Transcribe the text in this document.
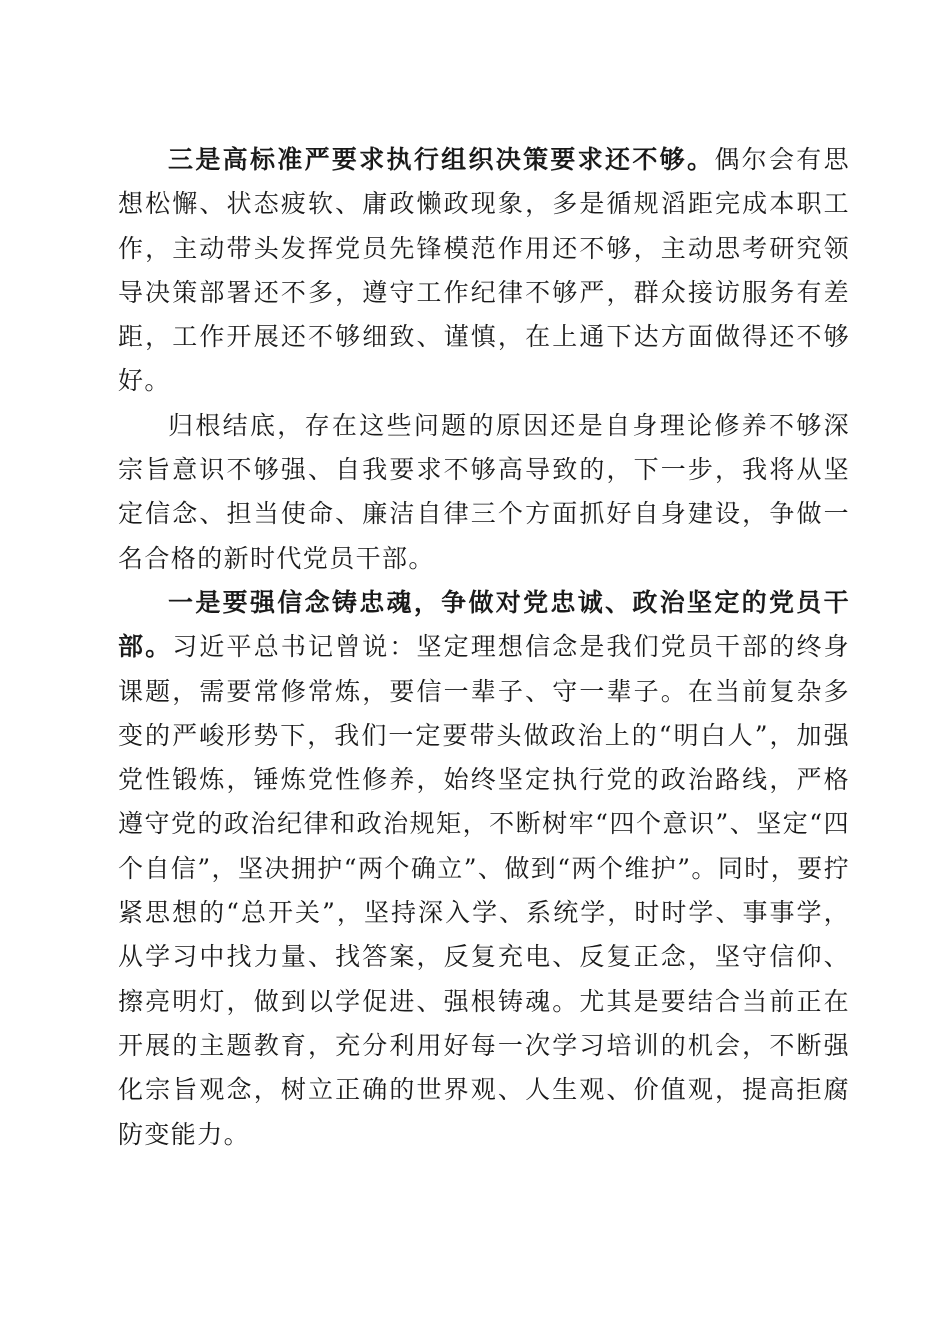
三是高标准严要求执行组织决策要求还不够。偶尔会有思想松懈、状态疲软、庸政懒政现象，多是循规滔距完成本职工作，主动带头发挥党员先锋模范作用还不够，主动思考研究领导决策部署还不多，遵守工作纪律不够严，群众接访服务有差距，工作开展还不够细致、谨慎，在上通下达方面做得还不够好。

归根结底，存在这些问题的原因还是自身理论修养不够深宗旨意识不够强、自我要求不够高导致的，下一步，我将从坚定信念、担当使命、廉洁自律三个方面抓好自身建设，争做一名合格的新时代党员干部。

一是要强信念铸忠魂，争做对党忠诚、政治坚定的党员干部。习近平总书记曾说：坚定理想信念是我们党员干部的终身课题，需要常修常炼，要信一辈子、守一辈子。在当前复杂多变的严峻形势下，我们一定要带头做政治上的“明白人”，加强党性锻炼，锤炼党性修养，始终坚定执行党的政治路线，严格遵守党的政治纪律和政治规矩，不断树牢“四个意识”、坚定“四个自信”，坚决拥护“两个确立”、做到“两个维护”。同时，要拧紧思想的“总开关”，坚持深入学、系统学，时时学、事事学，从学习中找力量、找答案，反复充电、反复正念，坚守信仰、擦亮明灯，做到以学促进、强根铸魂。尤其是要结合当前正在开展的主题教育，充分利用好每一次学习培训的机会，不断强化宗旨观念，树立正确的世界观、人生观、价值观，提高拒腐防变能力。
